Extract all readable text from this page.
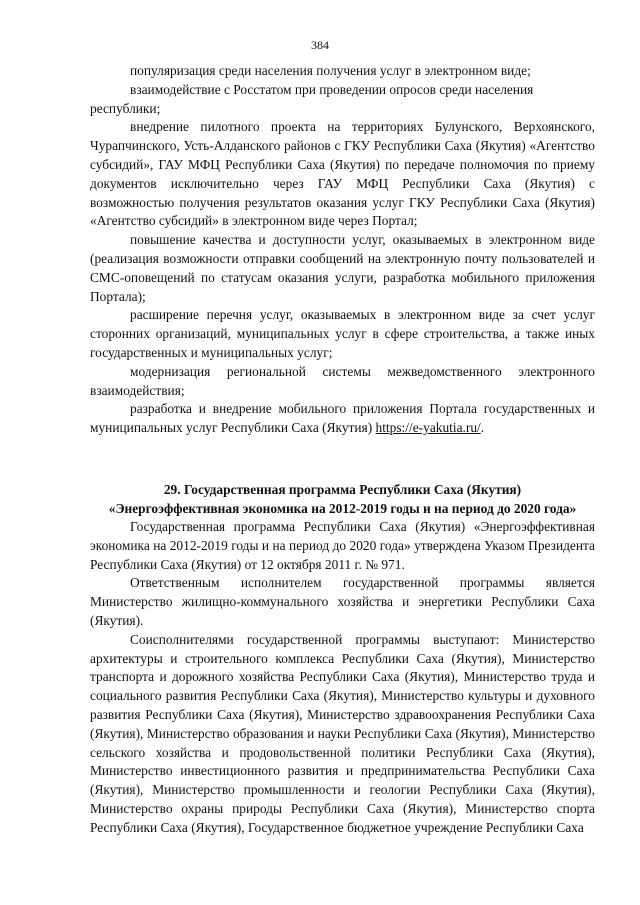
384

популяризация среди населения получения услуг в электронном виде;

взаимодействие с Росстатом при проведении опросов среди населения республики;

внедрение пилотного проекта на территориях Булунского, Верхоянского, Чурапчинского, Усть-Алданского районов с ГКУ Республики Саха (Якутия) «Агентство субсидий», ГАУ МФЦ Республики Саха (Якутия) по передаче полномочия по приему документов исключительно через ГАУ МФЦ Республики Саха (Якутия) с возможностью получения результатов оказания услуг ГКУ Республики Саха (Якутия) «Агентство субсидий» в электронном виде через Портал;

повышение качества и доступности услуг, оказываемых в электронном виде (реализация возможности отправки сообщений на электронную почту пользователей и СМС-оповещений по статусам оказания услуги, разработка мобильного приложения Портала);

расширение перечня услуг, оказываемых в электронном виде за счет услуг сторонних организаций, муниципальных услуг в сфере строительства, а также иных государственных и муниципальных услуг;

модернизация региональной системы межведомственного электронного взаимодействия;

разработка и внедрение мобильного приложения Портала государственных и муниципальных услуг Республики Саха (Якутия) https://e-yakutia.ru/.

29. Государственная программа Республики Саха (Якутия)
«Энергоэффективная экономика на 2012-2019 годы и на период до 2020 года»

Государственная программа Республики Саха (Якутия) «Энергоэффективная экономика на 2012-2019 годы и на период до 2020 года» утверждена Указом Президента Республики Саха (Якутия) от 12 октября 2011 г. № 971.

Ответственным исполнителем государственной программы является Министерство жилищно-коммунального хозяйства и энергетики Республики Саха (Якутия).

Соисполнителями государственной программы выступают: Министерство архитектуры и строительного комплекса Республики Саха (Якутия), Министерство транспорта и дорожного хозяйства Республики Саха (Якутия), Министерство труда и социального развития Республики Саха (Якутия), Министерство культуры и духовного развития Республики Саха (Якутия), Министерство здравоохранения Республики Саха (Якутия), Министерство образования и науки Республики Саха (Якутия), Министерство сельского хозяйства и продовольственной политики Республики Саха (Якутия), Министерство инвестиционного развития и предпринимательства Республики Саха (Якутия), Министерство промышленности и геологии Республики Саха (Якутия), Министерство охраны природы Республики Саха (Якутия), Министерство спорта Республики Саха (Якутия), Государственное бюджетное учреждение Республики Саха
